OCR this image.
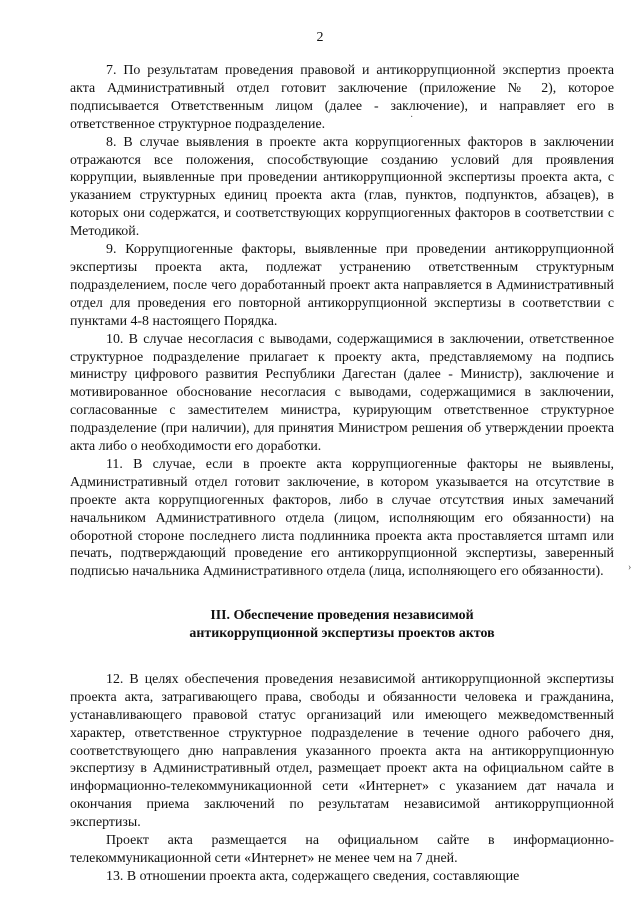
2

7. По результатам проведения правовой и антикоррупционной экспертиз проекта акта Административный отдел готовит заключение (приложение № 2), которое подписывается Ответственным лицом (далее - заключение), и направляет его в ответственное структурное подразделение.

8. В случае выявления в проекте акта коррупциогенных факторов в заключении отражаются все положения, способствующие созданию условий для проявления коррупции, выявленные при проведении антикоррупционной экспертизы проекта акта, с указанием структурных единиц проекта акта (глав, пунктов, подпунктов, абзацев), в которых они содержатся, и соответствующих коррупциогенных факторов в соответствии с Методикой.

9. Коррупциогенные факторы, выявленные при проведении антикоррупционной экспертизы проекта акта, подлежат устранению ответственным структурным подразделением, после чего доработанный проект акта направляется в Административный отдел для проведения его повторной антикоррупционной экспертизы в соответствии с пунктами 4-8 настоящего Порядка.

10. В случае несогласия с выводами, содержащимися в заключении, ответственное структурное подразделение прилагает к проекту акта, представляемому на подпись министру цифрового развития Республики Дагестан (далее - Министр), заключение и мотивированное обоснование несогласия с выводами, содержащимися в заключении, согласованные с заместителем министра, курирующим ответственное структурное подразделение (при наличии), для принятия Министром решения об утверждении проекта акта либо о необходимости его доработки.

11. В случае, если в проекте акта коррупциогенные факторы не выявлены, Административный отдел готовит заключение, в котором указывается на отсутствие в проекте акта коррупциогенных факторов, либо в случае отсутствия иных замечаний начальником Административного отдела (лицом, исполняющим его обязанности) на оборотной стороне последнего листа подлинника проекта акта проставляется штамп или печать, подтверждающий проведение его антикоррупционной экспертизы, заверенный подписью начальника Административного отдела (лица, исполняющего его обязанности).

III. Обеспечение проведения независимой

антикоррупционной экспертизы проектов актов

12. В целях обеспечения проведения независимой антикоррупционной экспертизы проекта акта, затрагивающего права, свободы и обязанности человека и гражданина, устанавливающего правовой статус организаций или имеющего межведомственный характер, ответственное структурное подразделение в течение одного рабочего дня, соответствующего дню направления указанного проекта акта на антикоррупционную экспертизу в Административный отдел, размещает проект акта на официальном сайте в информационно-телекоммуникационной сети «Интернет» с указанием дат начала и окончания приема заключений по результатам независимой антикоррупционной экспертизы.

Проект акта размещается на официальном сайте в информационно-телекоммуникационной сети «Интернет» не менее чем на 7 дней.

13. В отношении проекта акта, содержащего сведения, составляющие

·
›
